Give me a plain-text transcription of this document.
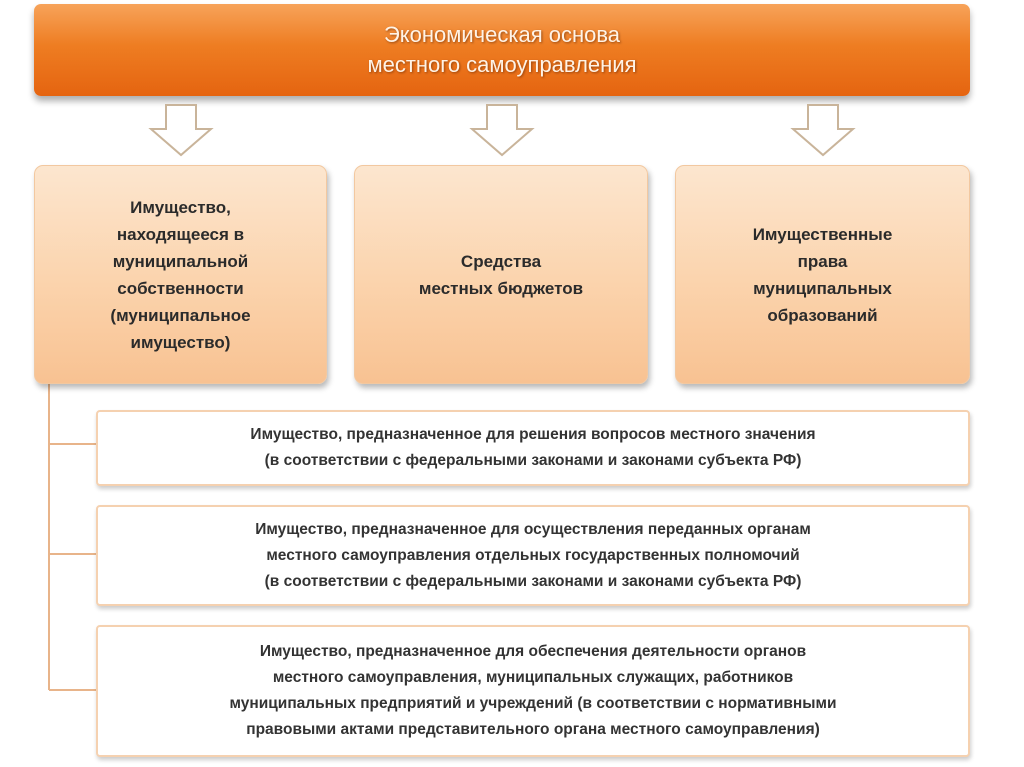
Экономическая основа
местного самоуправления
Имущество,
находящееся в
муниципальной
собственности
(муниципальное
имущество)
Средства
местных бюджетов
Имущественные
права
муниципальных
образований
Имущество, предназначенное для решения вопросов местного значения
(в соответствии с федеральными законами и законами субъекта РФ)
Имущество, предназначенное для осуществления переданных органам
местного самоуправления отдельных государственных полномочий
(в соответствии с федеральными законами и законами субъекта РФ)
Имущество, предназначенное для обеспечения деятельности органов
местного самоуправления, муниципальных служащих, работников
муниципальных предприятий и учреждений (в соответствии с нормативными
правовыми актами представительного органа местного самоуправления)
